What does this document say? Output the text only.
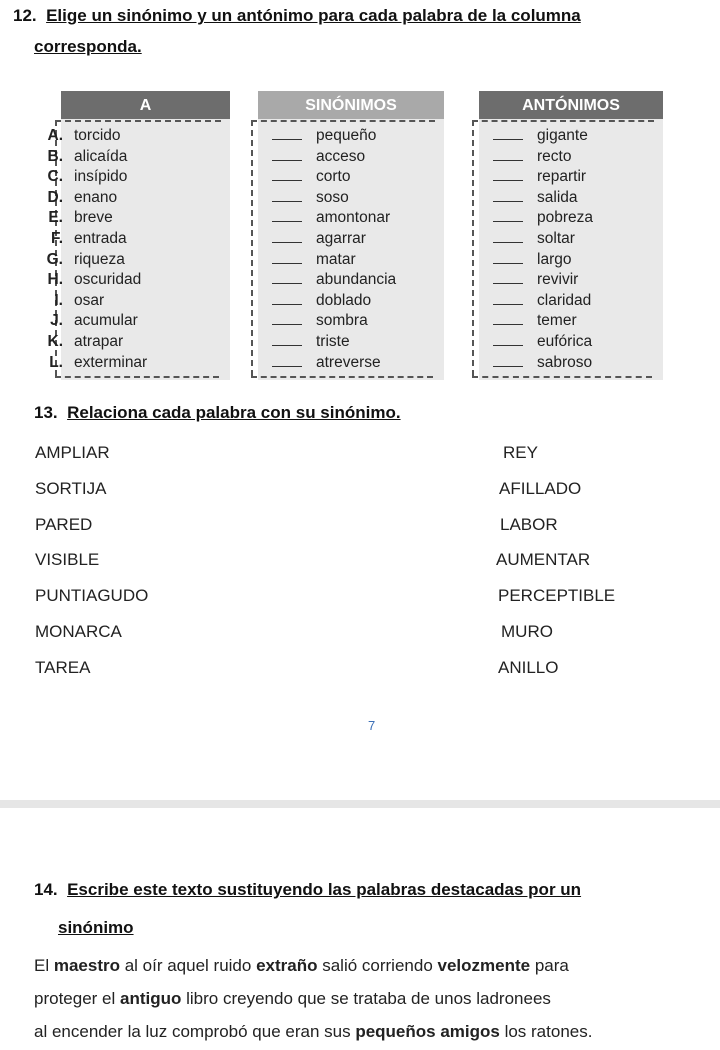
12. Elige un sinónimo y un antónimo para cada palabra de la columna
corresponda.
A
A. torcido
B. alicaída
C. insípido
D. enano
E. breve
F. entrada
G. riqueza
H. oscuridad
I. osar
J. acumular
K. atrapar
L. exterminar
SINÓNIMOS
pequeño
acceso
corto
soso
amontonar
agarrar
matar
abundancia
doblado
sombra
triste
atreverse
ANTÓNIMOS
gigante
recto
repartir
salida
pobreza
soltar
largo
revivir
claridad
temer
eufórica
sabroso
13. Relaciona cada palabra con su sinónimo.
AMPLIAR
SORTIJA
PARED
VISIBLE
PUNTIAGUDO
MONARCA
TAREA
REY
AFILLADO
LABOR
AUMENTAR
PERCEPTIBLE
MURO
ANILLO
7
14. Escribe este texto sustituyendo las palabras destacadas por un
sinónimo
El maestro al oír aquel ruido extraño salió corriendo velozmente para
proteger el antiguo libro creyendo que se trataba de unos ladronees
al encender la luz comprobó que eran sus pequeños amigos los ratones.
